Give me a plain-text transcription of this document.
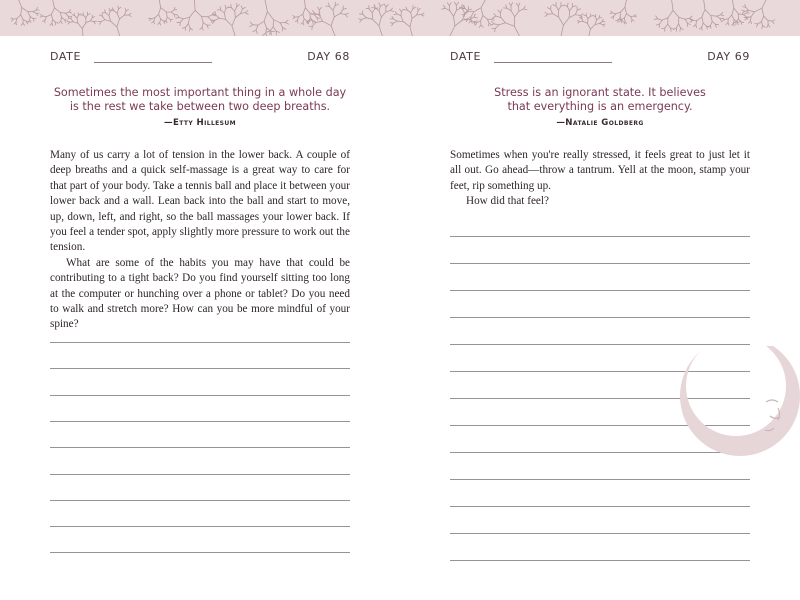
DATE	DAY 68
Sometimes the most important thing in a whole day
is the rest we take between two deep breaths.
—Etty Hillesum

Many of us carry a lot of tension in the lower back. A couple of deep breaths and a quick self-massage is a great way to care for that part of your body. Take a tennis ball and place it between your lower back and a wall. Lean back into the ball and start to move, up, down, left, and right, so the ball massages your lower back. If you feel a tender spot, apply slightly more pressure to work out the tension.

What are some of the habits you may have that could be contributing to a tight back? Do you find yourself sitting too long at the computer or hunching over a phone or tablet? Do you need to walk and stretch more? How can you be more mindful of your spine?

DATE	DAY 69
Stress is an ignorant state. It believes
that everything is an emergency.
—Natalie Goldberg

Sometimes when you're really stressed, it feels great to just let it all out. Go ahead—throw a tantrum. Yell at the moon, stamp your feet, rip something up.

How did that feel?
